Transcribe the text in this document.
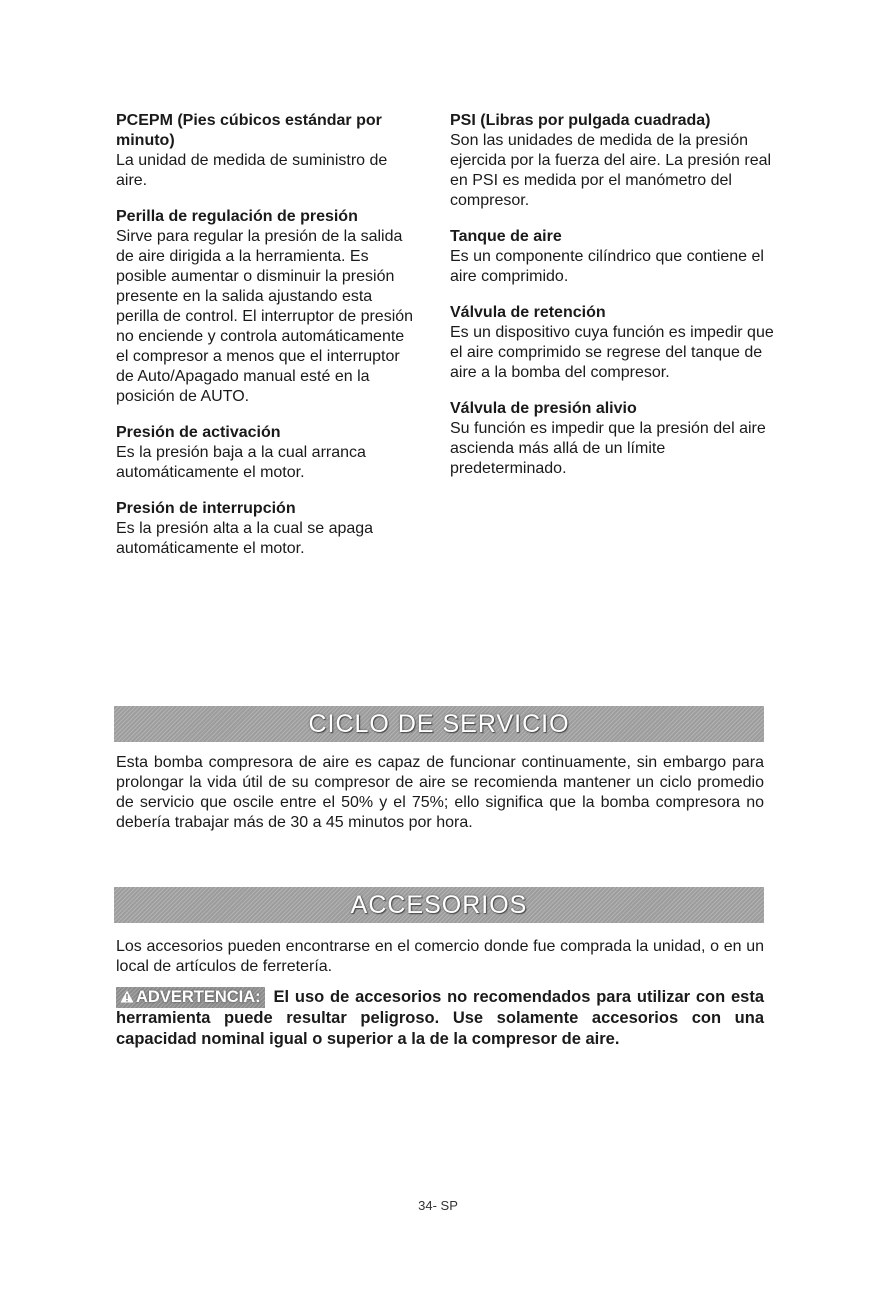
PCEPM (Pies cúbicos estándar por minuto)
La unidad de medida de suministro de aire.
Perilla de regulación de presión
Sirve para regular la presión de la salida de aire dirigida a la herramienta. Es posible aumentar o disminuir la presión presente en la salida ajustando esta perilla de control. El interruptor de presión no enciende y controla automáticamente el compresor a menos que el interruptor de Auto/Apagado manual esté en la posición de AUTO.
Presión de activación
Es la presión baja a la cual arranca automáticamente el motor.
Presión de interrupción
Es la presión alta a la cual se apaga automáticamente el motor.
PSI (Libras por pulgada cuadrada)
Son las unidades de medida de la presión ejercida por la fuerza del aire. La presión real en PSI es medida por el manómetro del compresor.
Tanque de aire
Es un componente cilíndrico que contiene el aire comprimido.
Válvula de retención
Es un dispositivo cuya función es impedir que el aire comprimido se regrese del tanque de aire a la bomba del compresor.
Válvula de presión alivio
Su función es impedir que la presión del aire ascienda más allá de un límite predeterminado.
CICLO DE SERVICIO
Esta bomba compresora de aire es capaz de funcionar continuamente, sin embargo para prolongar la vida útil de su compresor de aire se recomienda mantener un ciclo promedio de servicio que oscile entre el 50% y el 75%; ello significa que la bomba compresora no debería trabajar más de 30 a 45 minutos por hora.
ACCESORIOS
Los accesorios pueden encontrarse en el comercio donde fue comprada la unidad, o en un local de artículos de ferretería.
ADVERTENCIA: El uso de accesorios no recomendados para utilizar con esta herramienta puede resultar peligroso. Use solamente accesorios con una capacidad nominal igual o superior a la de la compresor de aire.
34- SP
